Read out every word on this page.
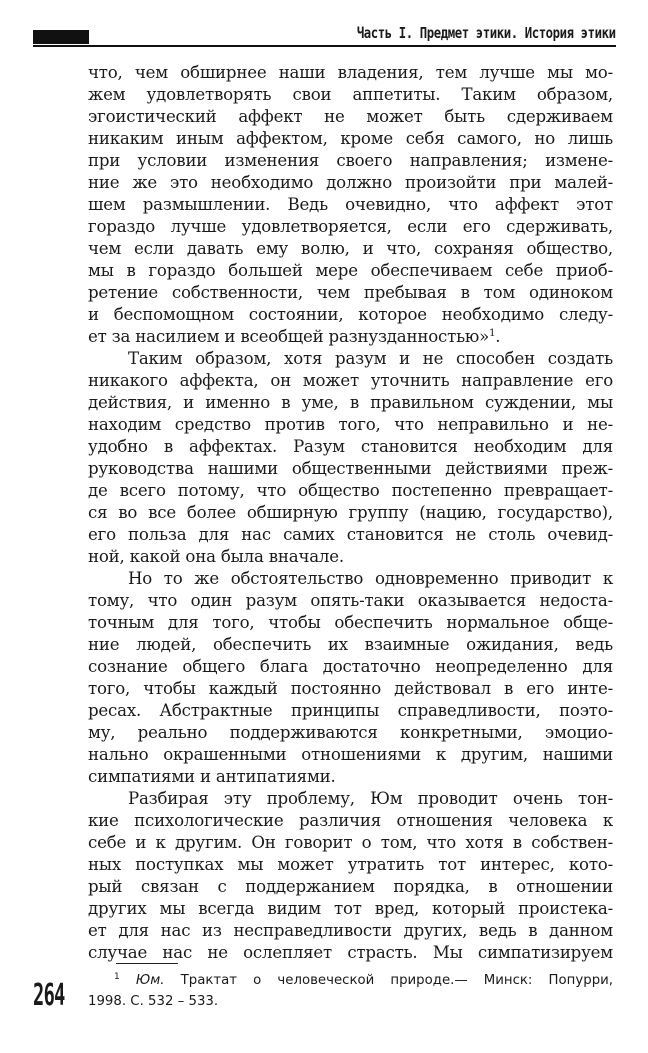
Часть I. Предмет этики. История этики
что, чем обширнее наши владения, тем лучше мы мо-
жем удовлетворять свои аппетиты. Таким образом,
эгоистический аффект не может быть сдерживаем
никаким иным аффектом, кроме себя самого, но лишь
при условии изменения своего направления; измене-
ние же это необходимо должно произойти при малей-
шем размышлении. Ведь очевидно, что аффект этот
гораздо лучше удовлетворяется, если его сдерживать,
чем если давать ему волю, и что, сохраняя общество,
мы в гораздо большей мере обеспечиваем себе приоб-
ретение собственности, чем пребывая в том одиноком
и беспомощном состоянии, которое необходимо следу-
ет за насилием и всеобщей разнузданностью»$^1$.
Таким образом, хотя разум и не способен создать
никакого аффекта, он может уточнить направление его
действия, и именно в уме, в правильном суждении, мы
находим средство против того, что неправильно и не-
удобно в аффектах. Разум становится необходим для
руководства нашими общественными действиями преж-
де всего потому, что общество постепенно превращает-
ся во все более обширную группу (нацию, государство),
его польза для нас самих становится не столь очевид-
ной, какой она была вначале.
Но то же обстоятельство одновременно приводит к
тому, что один разум опять-таки оказывается недоста-
точным для того, чтобы обеспечить нормальное обще-
ние людей, обеспечить их взаимные ожидания, ведь
сознание общего блага достаточно неопределенно для
того, чтобы каждый постоянно действовал в его инте-
ресах. Абстрактные принципы справедливости, поэто-
му, реально поддерживаются конкретными, эмоцио-
нально окрашенными отношениями к другим, нашими
симпатиями и антипатиями.
Разбирая эту проблему, Юм проводит очень тон-
кие психологические различия отношения человека к
себе и к другим. Он говорит о том, что хотя в собствен-
ных поступках мы может утратить тот интерес, кото-
рый связан с поддержанием порядка, в отношении
других мы всегда видим тот вред, который проистека-
ет для нас из несправедливости других, ведь в данном
случае нас не ослепляет страсть. Мы симпатизируем
$^1$ Юм. Трактат о человеческой природе.— Минск: Попурри,
1998. С. 532 – 533.
264
